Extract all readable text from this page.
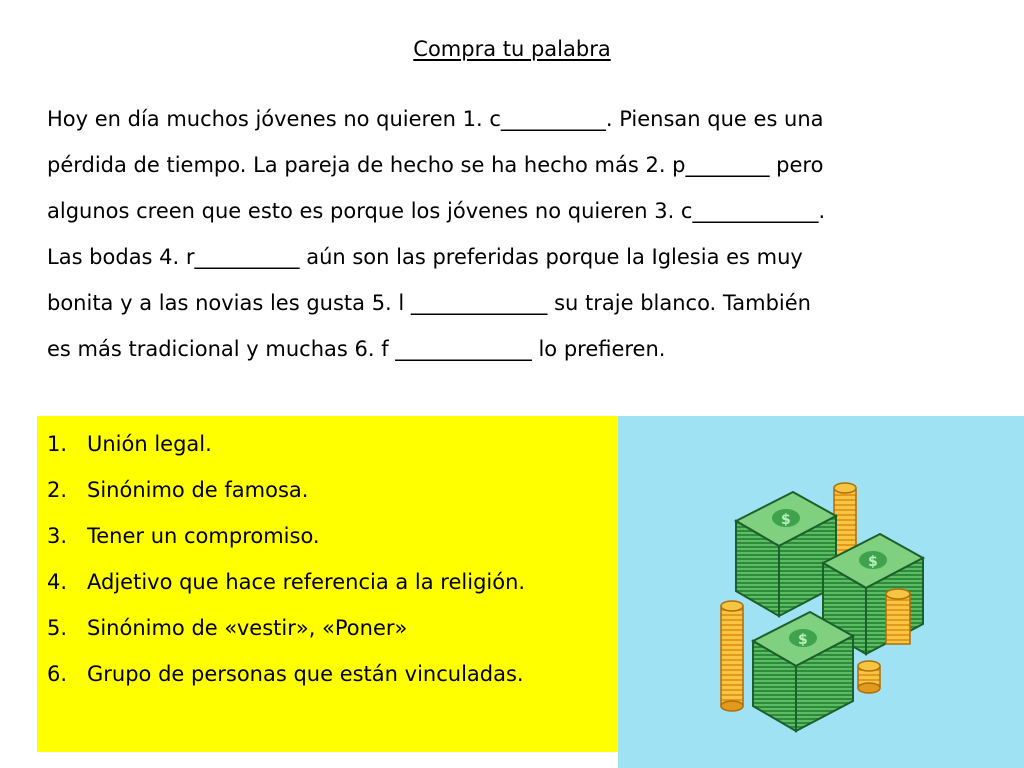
Compra tu palabra
Hoy en día muchos jóvenes no quieren 1. c__________. Piensan que es una
pérdida de tiempo. La pareja de hecho se ha hecho más 2. p________ pero
algunos creen que esto es porque los jóvenes no quieren 3. c____________.
Las bodas 4. r__________ aún son las preferidas porque la Iglesia es muy
bonita y a las novias les gusta 5. l _____________ su traje blanco. También
es más tradicional y muchas 6. f _____________ lo prefieren.
1. Unión legal.
2. Sinónimo de famosa.
3. Tener un compromiso.
4. Adjetivo que hace referencia a la religión.
5. Sinónimo de «vestir», «Poner»
6. Grupo de personas que están vinculadas.
$
$
$
